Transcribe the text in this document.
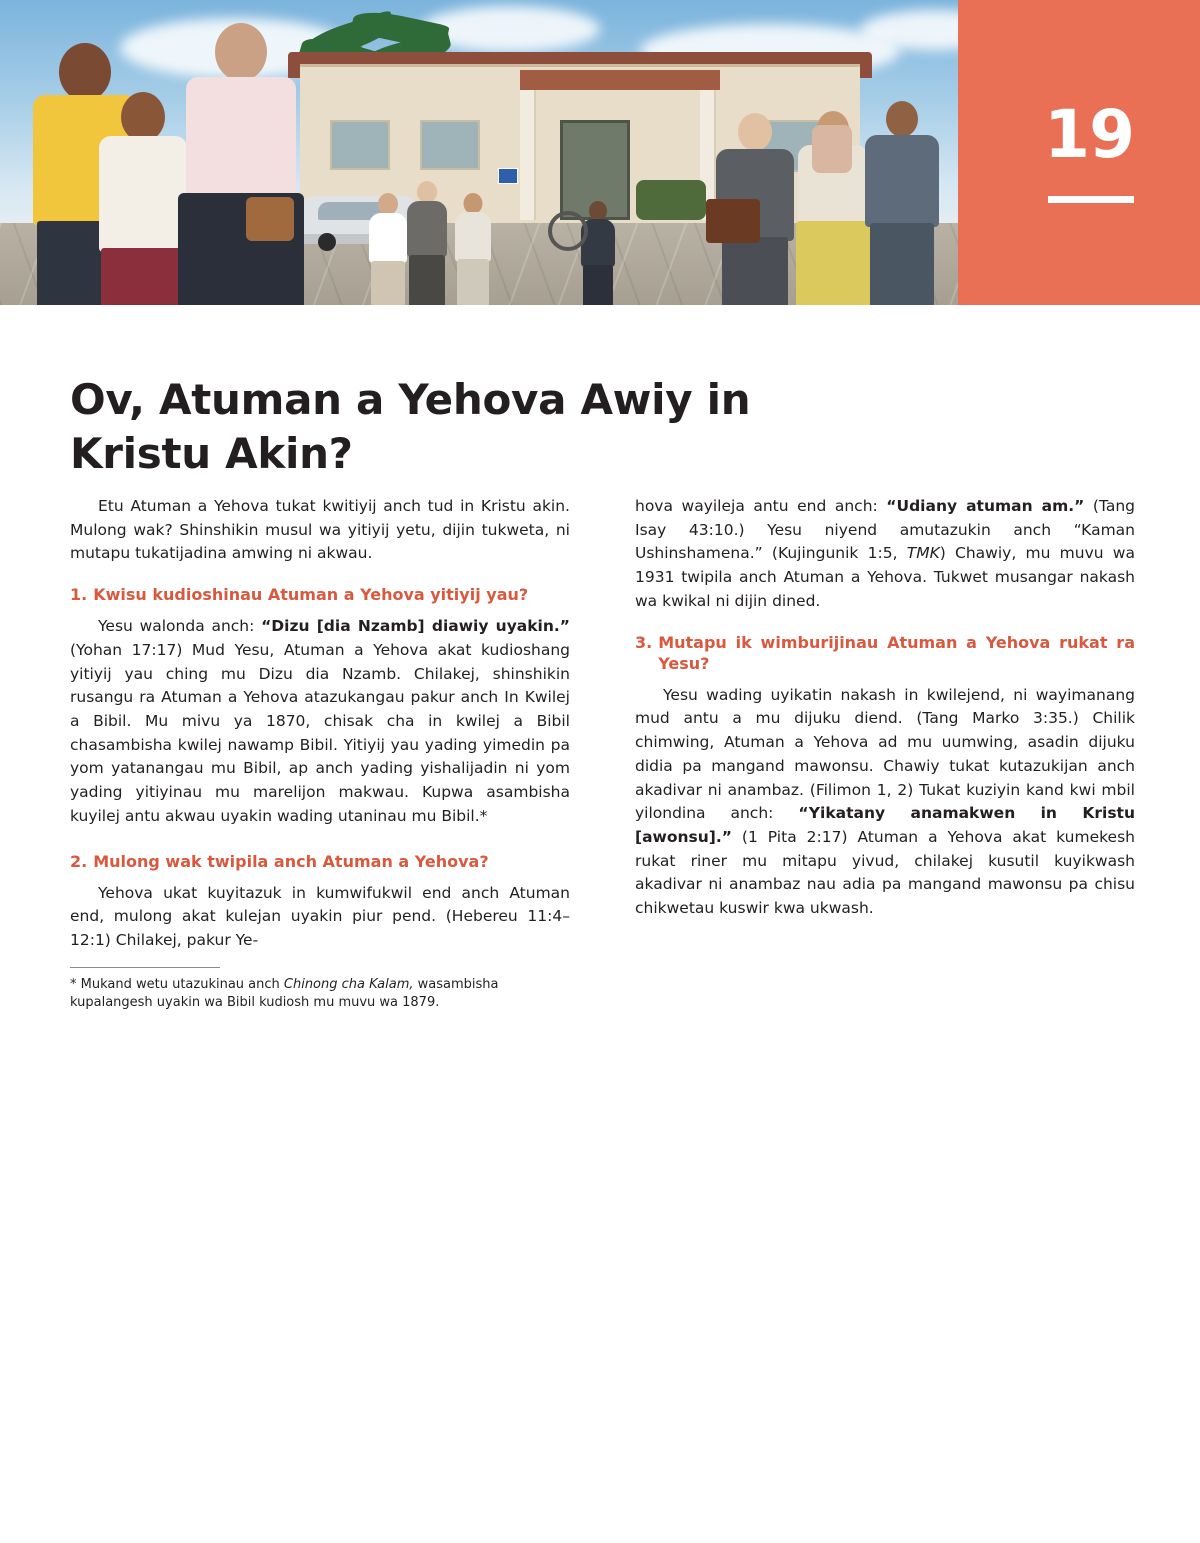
19
Ov, Atuman a Yehova Awiy in Kristu Akin?

Etu Atuman a Yehova tukat kwitiyij anch tud in Kristu akin. Mulong wak? Shinshikin musul wa yitiyij yetu, dijin tukweta, ni mutapu tukatijadina amwing ni akwau.

1. Kwisu kudioshinau Atuman a Yehova yitiyij yau?

Yesu walonda anch: “Dizu [dia Nzamb] diawiy uyakin.” (Yohan 17:17) Mud Yesu, Atuman a Yehova akat kudioshang yitiyij yau ching mu Dizu dia Nzamb. Chilakej, shinshikin rusangu ra Atuman a Yehova atazukangau pakur anch In Kwilej a Bibil. Mu mivu ya 1870, chisak cha in kwilej a Bibil chasambisha kwilej nawamp Bibil. Yitiyij yau yading yimedin pa yom yatanangau mu Bibil, ap anch yading yishalijadin ni yom yading yitiyinau mu marelijon makwau. Kupwa asambisha kuyilej antu akwau uyakin wading utaninau mu Bibil.*

2. Mulong wak twipila anch Atuman a Yehova?

Yehova ukat kuyitazuk in kumwifukwil end anch Atuman end, mulong akat kulejan uyakin piur pend. (Hebereu 11:4–12:1) Chilakej, pakur Ye-

* Mukand wetu utazukinau anch Chinong cha Kalam, wasambisha kupalangesh uyakin wa Bibil kudiosh mu muvu wa 1879.

hova wayileja antu end anch: “Udiany atuman am.” (Tang Isay 43:10.) Yesu niyend amutazukin anch “Kaman Ushinshamena.” (Kujingunik 1:5, TMK) Chawiy, mu muvu wa 1931 twipila anch Atuman a Yehova. Tukwet musangar nakash wa kwikal ni dijin dined.

3. Mutapu ik wimburijinau Atuman a Yehova rukat ra Yesu?

Yesu wading uyikatin nakash in kwilejend, ni wayimanang mud antu a mu dijuku diend. (Tang Marko 3:35.) Chilik chimwing, Atuman a Yehova ad mu uumwing, asadin dijuku didia pa mangand mawonsu. Chawiy tukat kutazukijan anch akadivar ni anambaz. (Filimon 1, 2) Tukat kuziyin kand kwi mbil yilondina anch: “Yikatany anamakwen in Kristu [awonsu].” (1 Pita 2:17) Atuman a Yehova akat kumekesh rukat riner mu mitapu yivud, chilakej kusutil kuyikwash akadivar ni anambaz nau adia pa mangand mawonsu pa chisu chikwetau kuswir kwa ukwash.
